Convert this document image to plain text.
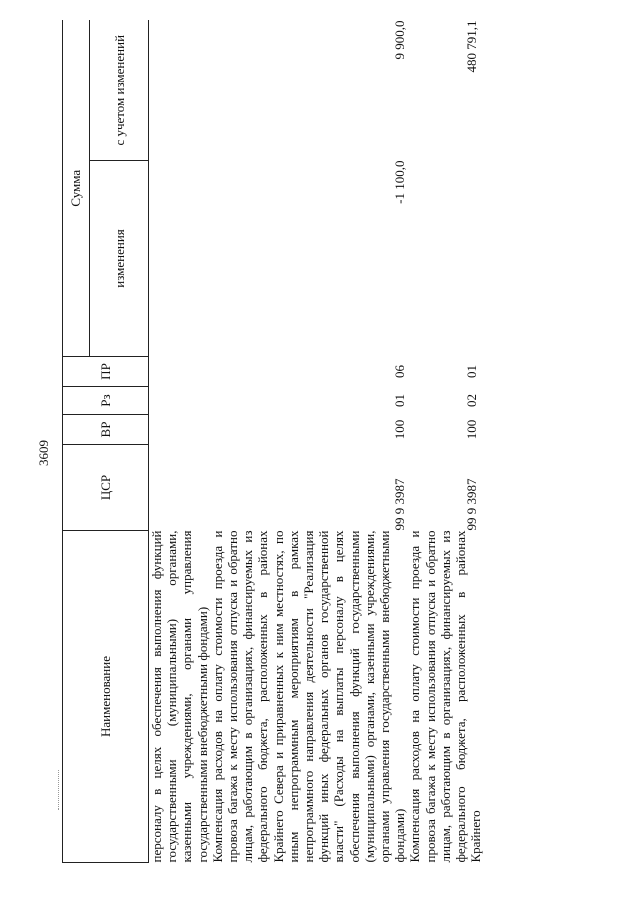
3609
Наименование	ЦСР	ВР	Рз	ПР	Сумма	
					изменения	с учетом изменений
персоналу в целях обеспечения выполнения функций государственными (муниципальными) органами, казенными учреждениями, органами управления государственными внебюджетными фондами)						
Компенсация расходов на оплату стоимости проезда и провоза багажа к месту использования отпуска и обратно лицам, работающим в организациях, финансируемых из федерального бюджета, расположенных в районах Крайнего Севера и приравненных к ним местностях, по иным непрограммным мероприятиям в рамках непрограммного направления деятельности "Реализация функций иных федеральных органов государственной власти" (Расходы на выплаты персоналу в целях обеспечения выполнения функций государственными (муниципальными) органами, казенными учреждениями, органами управления государственными внебюджетными фондами)	99 9 3987	100	01	06	-1 100,0	9 900,0
Компенсация расходов на оплату стоимости проезда и провоза багажа к месту использования отпуска и обратно лицам, работающим в организациях, финансируемых из федерального бюджета, расположенных в районах Крайнего	99 9 3987	100	02	01		480 791,1
